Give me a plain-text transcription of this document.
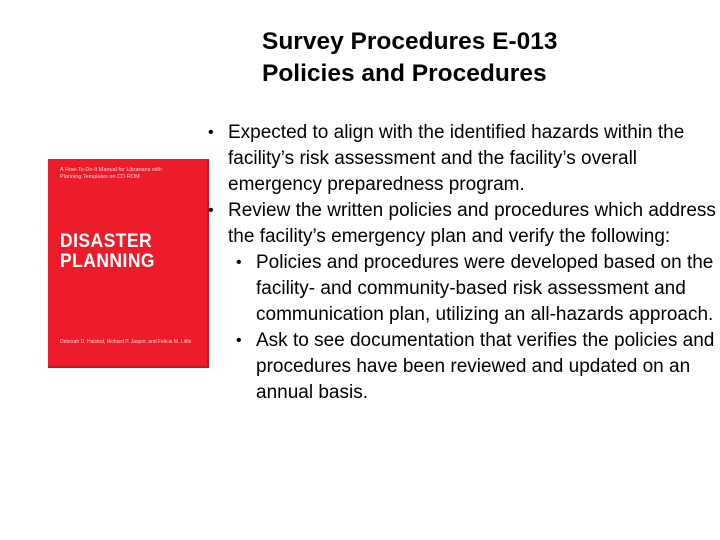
Survey Procedures E-013
Policies and Procedures
A How-To-Do-It Manual for Librarians with Planning Templates on CD-ROM
DISASTER
PLANNING
Deborah D. Halsted, Richard P. Jasper, and Felicia M. Little
• Expected to align with the identified hazards within the facility’s risk assessment and the facility’s overall emergency preparedness program.
• Review the written policies and procedures which address the facility’s emergency plan and verify the following:
• Policies and procedures were developed based on the facility- and community-based risk assessment and communication plan, utilizing an all-hazards approach.
• Ask to see documentation that verifies the policies and procedures have been reviewed and updated on an annual basis.
